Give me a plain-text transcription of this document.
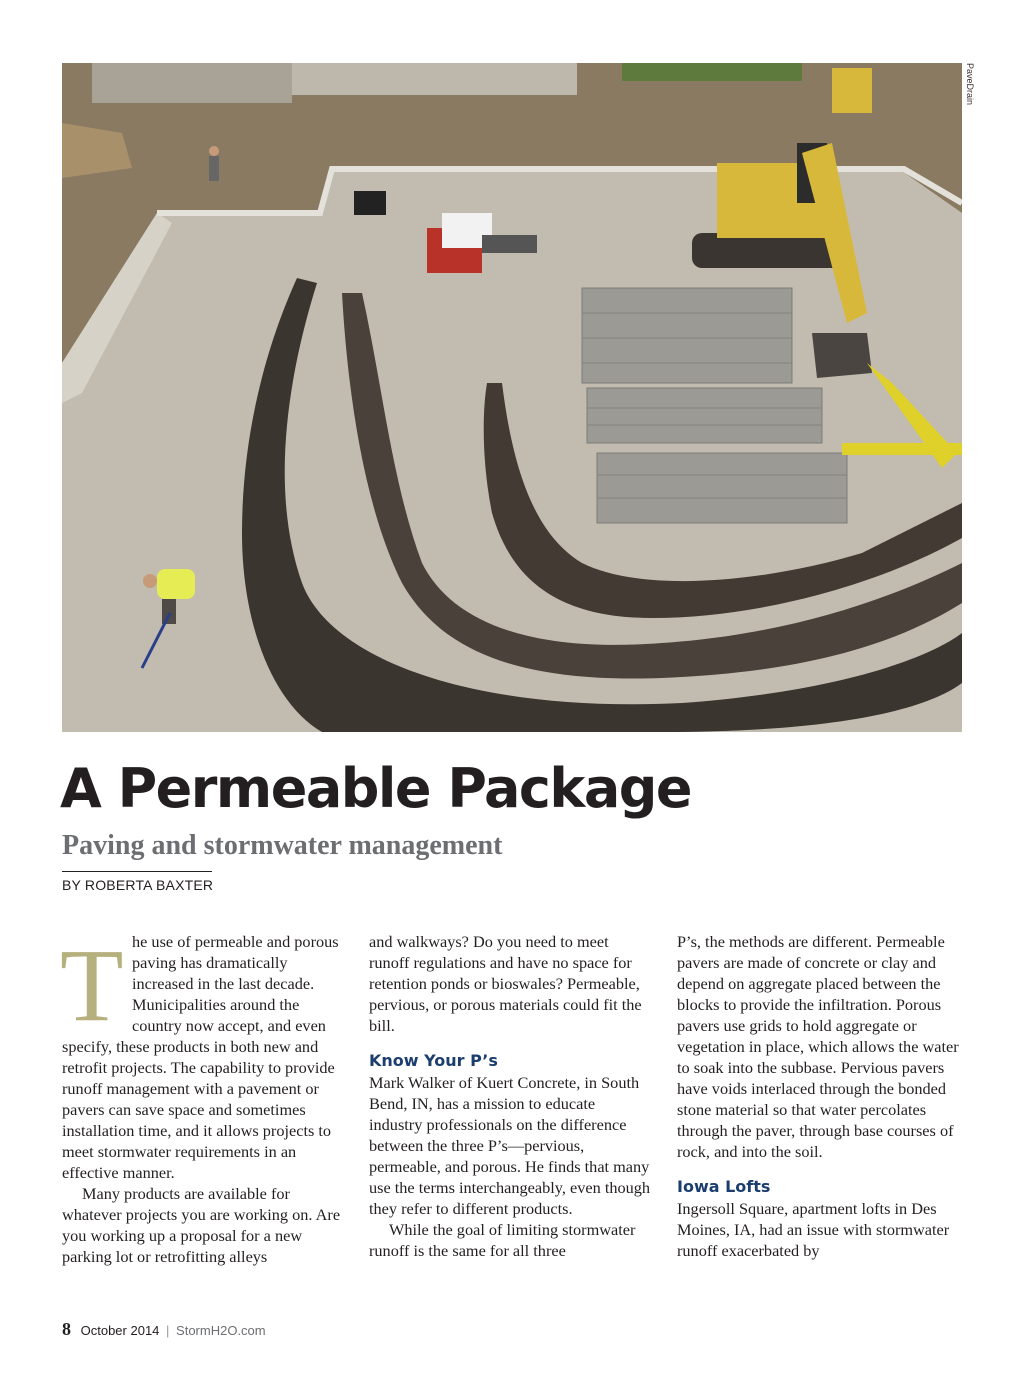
PaveDrain
A Permeable Package
Paving and stormwater management
BY ROBERTA BAXTER
T he use of permeable and porous paving has dramatically increased in the last decade. Municipalities around the country now accept, and even specify, these products in both new and retrofit projects. The capability to provide runoff management with a pavement or pavers can save space and sometimes installation time, and it allows projects to meet stormwater requirements in an effective manner.

Many products are available for whatever projects you are working on. Are you working up a proposal for a new parking lot or retrofitting alleys

and walkways? Do you need to meet runoff regulations and have no space for retention ponds or bioswales? Permeable, pervious, or porous materials could fit the bill.

Know Your P’s

Mark Walker of Kuert Concrete, in South Bend, IN, has a mission to educate industry professionals on the difference between the three P’s—pervious, permeable, and porous. He finds that many use the terms interchangeably, even though they refer to different products.

While the goal of limiting stormwater runoff is the same for all three

P’s, the methods are different. Permeable pavers are made of concrete or clay and depend on aggregate placed between the blocks to provide the infiltration. Porous pavers use grids to hold aggregate or vegetation in place, which allows the water to soak into the subbase. Pervious pavers have voids interlaced through the bonded stone material so that water percolates through the paver, through base courses of rock, and into the soil.

Iowa Lofts

Ingersoll Square, apartment lofts in Des Moines, IA, had an issue with stormwater runoff exacerbated by

8 October 2014 | StormH2O.com
